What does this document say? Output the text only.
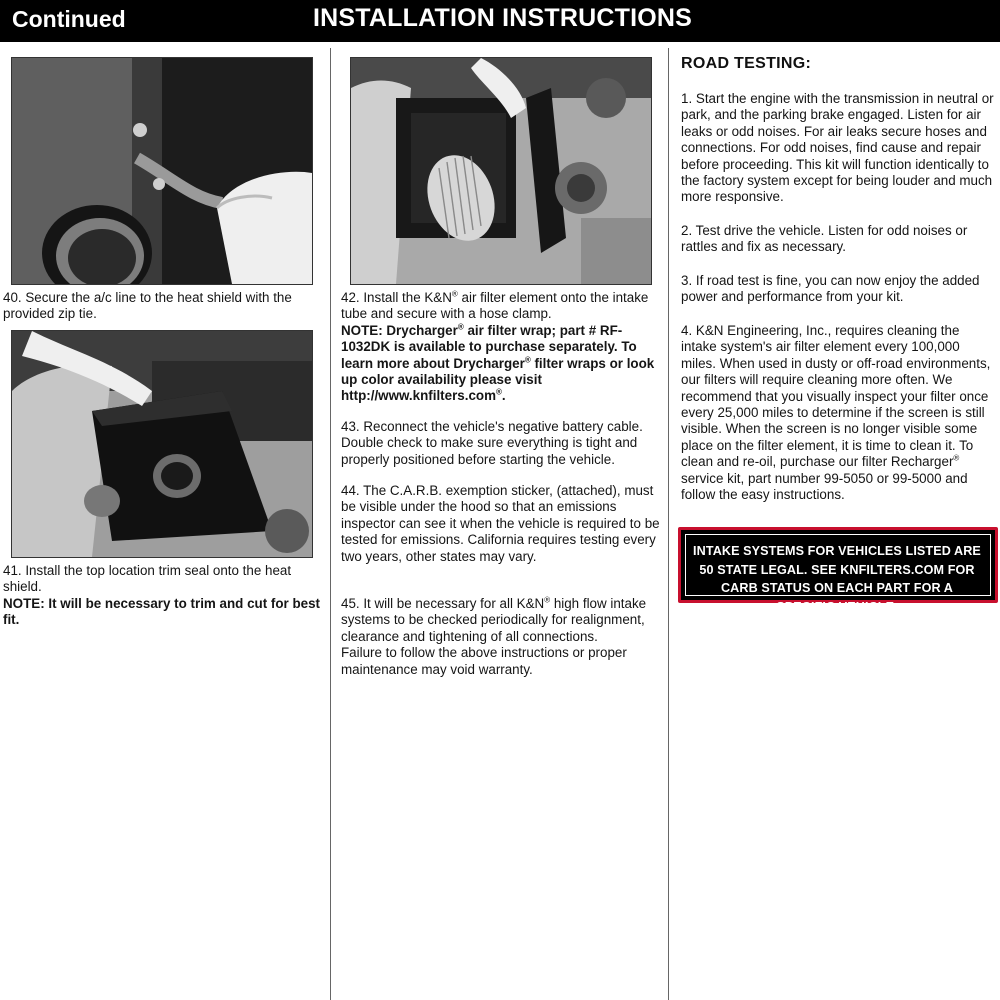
Continued	INSTALLATION INSTRUCTIONS

40. Secure the a/c line to the heat shield with the provided zip tie.

41. Install the top location trim seal onto the heat shield.

NOTE: It will be necessary to trim and cut for best fit.

42. Install the K&N® air filter element onto the intake tube and secure with a hose clamp.

NOTE: Drycharger® air filter wrap; part # RF-1032DK is available to purchase separately. To learn more about Drycharger® filter wraps or look up color availability please visit http://www.knfilters.com®.

43. Reconnect the vehicle's negative battery cable. Double check to make sure everything is tight and properly positioned before starting the vehicle.

44. The C.A.R.B. exemption sticker, (attached), must be visible under the hood so that an emissions inspector can see it when the vehicle is required to be tested for emissions. California requires testing every two years, other states may vary.

45. It will be necessary for all K&N® high flow intake systems to be checked periodically for realignment, clearance and tightening of all connections.

Failure to follow the above instructions or proper maintenance may void warranty.

ROAD TESTING:

1. Start the engine with the transmission in neutral or park, and the parking brake engaged. Listen for air leaks or odd noises. For air leaks secure hoses and connections. For odd noises, find cause and repair before proceeding. This kit will function identically to the factory system except for being louder and much more responsive.

2. Test drive the vehicle. Listen for odd noises or rattles and fix as necessary.

3. If road test is fine, you can now enjoy the added power and performance from your kit.

4. K&N Engineering, Inc., requires cleaning the intake system's air filter element every 100,000 miles. When used in dusty or off-road environments, our filters will require cleaning more often. We recommend that you visually inspect your filter once every 25,000 miles to determine if the screen is still visible. When the screen is no longer visible some place on the filter element, it is time to clean it. To clean and re-oil, purchase our filter Recharger® service kit, part number 99-5050 or 99-5000 and follow the easy instructions.

INTAKE SYSTEMS FOR VEHICLES LISTED ARE 50 STATE LEGAL. SEE KNFILTERS.COM FOR CARB STATUS ON EACH PART FOR A SPECIFIC VEHICLE.
